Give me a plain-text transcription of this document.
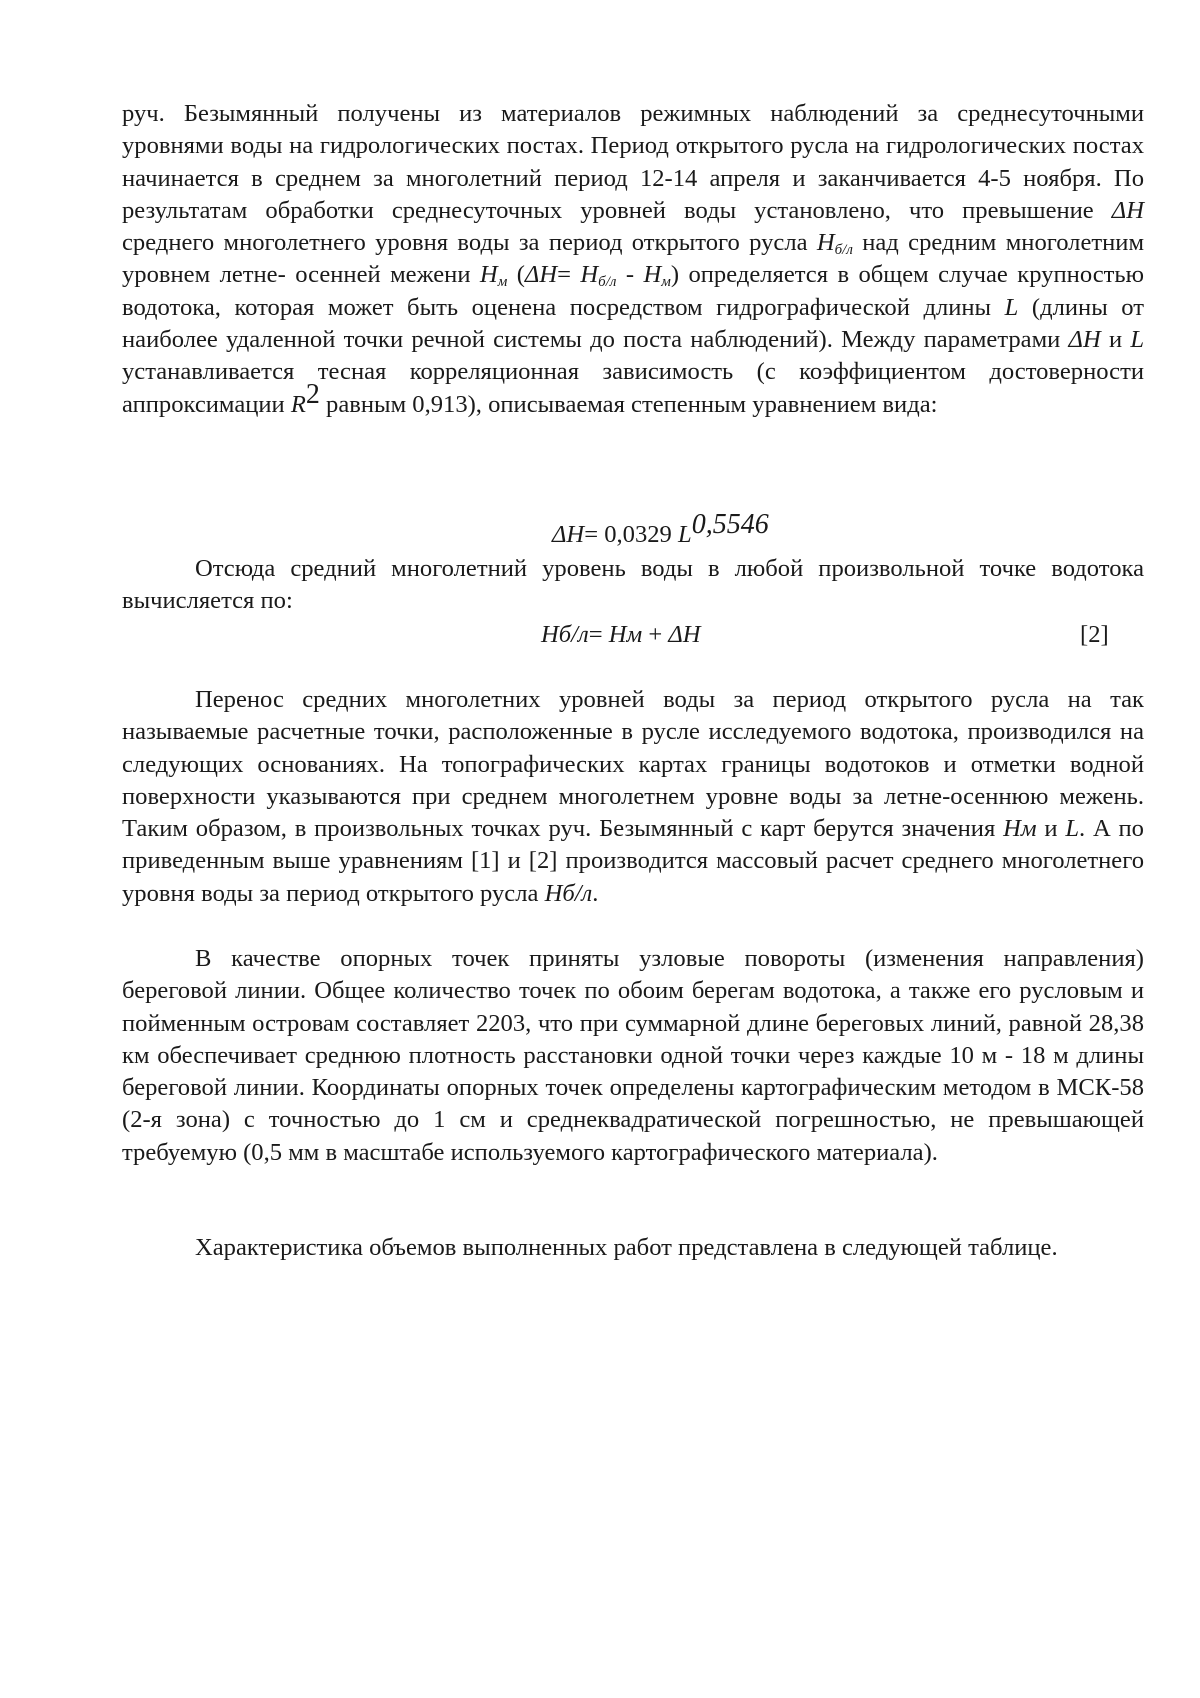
руч. Безымянный получены из материалов режимных наблюдений за среднесуточными уровнями воды на гидрологических постах. Период открытого русла на гидрологических постах начинается в среднем за многолетний период 12-14 апреля и заканчивается 4-5 ноября. По результатам обработки среднесуточных уровней воды установлено, что превышение ΔH среднего многолетнего уровня воды за период открытого русла $H_{б/л}$ над средним многолетним уровнем летне- осенней межени $H_м$ $(\Delta H= H_{б/л} - H_м)$ определяется в общем случае крупностью водотока, которая может быть оценена посредством гидрографической длины L (длины от наиболее удаленной точки речной системы до поста наблюдений). Между параметрами ΔH и L устанавливается тесная корреляционная зависимость (с коэффициентом достоверности аппроксимации $R^2$ равным 0,913), описываемая степенным уравнением вида:

ΔH= 0,0329 $L^{0,5546}$

Отсюда средний многолетний уровень воды в любой произвольной точке водотока вычисляется по:

Нб/л= Нм + ΔH	[2]

Перенос средних многолетних уровней воды за период открытого русла на так называемые расчетные точки, расположенные в русле исследуемого водотока, производился на следующих основаниях. На топографических картах границы водотоков и отметки водной поверхности указываются при среднем многолетнем уровне воды за летне-осеннюю межень. Таким образом, в произвольных точках руч. Безымянный с карт берутся значения Нм и L. А по приведенным выше уравнениям [1] и [2] производится массовый расчет среднего многолетнего уровня воды за период открытого русла Нб/л.

В качестве опорных точек приняты узловые повороты (изменения направления) береговой линии. Общее количество точек по обоим берегам водотока, а также его русловым и пойменным островам составляет 2203, что при суммарной длине береговых линий, равной 28,38 км обеспечивает среднюю плотность расстановки одной точки через каждые 10 м - 18 м длины береговой линии. Координаты опорных точек определены картографическим методом в МСК-58 (2-я зона) с точностью до 1 см и среднеквадратической погрешностью, не превышающей требуемую (0,5 мм в масштабе используемого картографического материала).

Характеристика объемов выполненных работ представлена в следующей таблице.
